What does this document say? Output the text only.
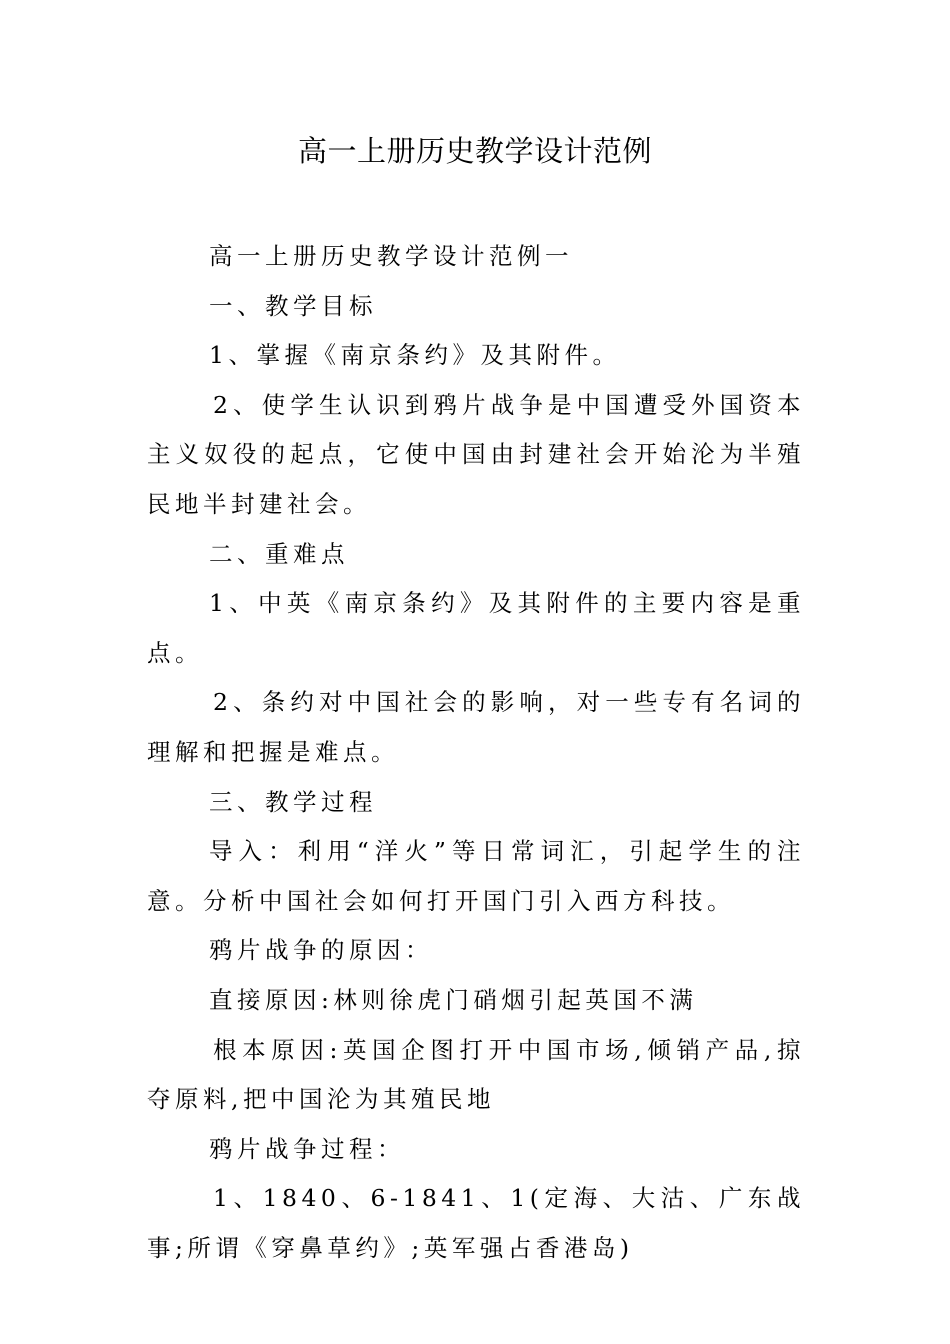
高一上册历史教学设计范例

高一上册历史教学设计范例一

一、教学目标

1、掌握《南京条约》及其附件。

2、使学生认识到鸦片战争是中国遭受外国资本主义奴役的起点，它使中国由封建社会开始沦为半殖民地半封建社会。

二、重难点

1、中英《南京条约》及其附件的主要内容是重点。

2、条约对中国社会的影响，对一些专有名词的理解和把握是难点。

三、教学过程

导入：利用“洋火”等日常词汇，引起学生的注意。分析中国社会如何打开国门引入西方科技。

鸦片战争的原因：

直接原因:林则徐虎门硝烟引起英国不满

根本原因:英国企图打开中国市场,倾销产品,掠夺原料,把中国沦为其殖民地

鸦片战争过程：

1、1840、6-1841、1(定海、大沽、广东战事;所谓《穿鼻草约》;英军强占香港岛)
